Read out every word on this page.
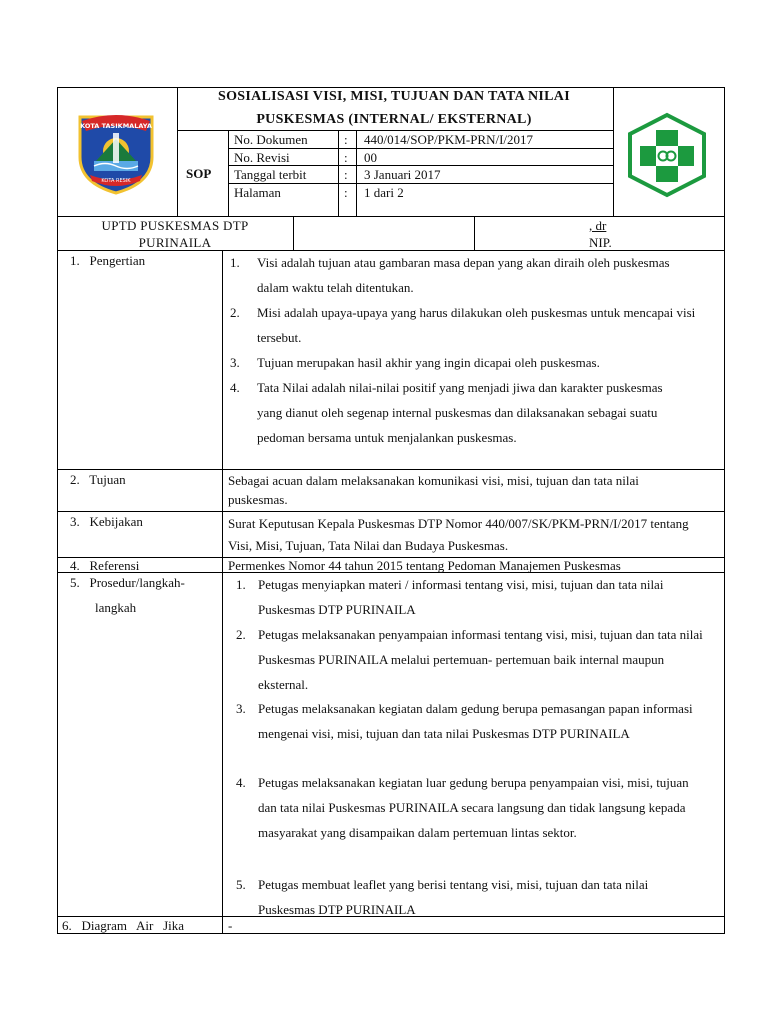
KOTA TASIKMALAYA
KOTA RESIK
SOSIALISASI VISI, MISI, TUJUAN DAN TATA NILAI
PUSKESMAS (INTERNAL/ EKSTERNAL)
SOP
No. Dokumen	: 440/014/SOP/PKM-PRN/I/2017
No. Revisi	: 00
Tanggal terbit	: 3 Januari 2017
Halaman	: 1 dari 2
UPTD PUSKESMAS DTP
PURINAILA
, dr
NIP.
1.   Pengertian	1. Visi adalah tujuan atau gambaran masa depan yang akan diraih oleh puskesmas dalam waktu telah ditentukan.
2. Misi adalah upaya-upaya yang harus dilakukan oleh puskesmas untuk mencapai visi tersebut.
3. Tujuan merupakan hasil akhir yang ingin dicapai oleh puskesmas.
4. Tata Nilai adalah nilai-nilai positif yang menjadi jiwa dan karakter puskesmas yang dianut oleh segenap internal puskesmas dan dilaksanakan sebagai suatu pedoman bersama untuk menjalankan puskesmas.
2.   Tujuan	Sebagai acuan dalam melaksanakan komunikasi visi, misi, tujuan dan tata nilai puskesmas.
3.   Kebijakan	Surat Keputusan Kepala Puskesmas DTP Nomor 440/007/SK/PKM-PRN/I/2017 tentang Visi, Misi, Tujuan, Tata Nilai dan Budaya Puskesmas.
4.   Referensi	Permenkes Nomor 44 tahun 2015 tentang Pedoman Manajemen Puskesmas
5.   Prosedur/langkah-
langkah
1. Petugas menyiapkan materi / informasi tentang visi, misi, tujuan dan tata nilai Puskesmas DTP PURINAILA
2. Petugas melaksanakan penyampaian informasi tentang visi, misi, tujuan dan tata nilai Puskesmas PURINAILA melalui pertemuan- pertemuan baik internal maupun eksternal.
3. Petugas melaksanakan kegiatan dalam gedung berupa pemasangan papan informasi mengenai visi, misi, tujuan dan tata nilai Puskesmas DTP PURINAILA
4. Petugas melaksanakan kegiatan luar gedung berupa penyampaian visi, misi, tujuan dan tata nilai Puskesmas PURINAILA secara langsung dan tidak langsung kepada masyarakat yang disampaikan dalam pertemuan lintas sektor.
5. Petugas membuat leaflet yang berisi tentang visi, misi, tujuan dan tata nilai Puskesmas DTP PURINAILA
6.   Diagram   Air   Jika	-
